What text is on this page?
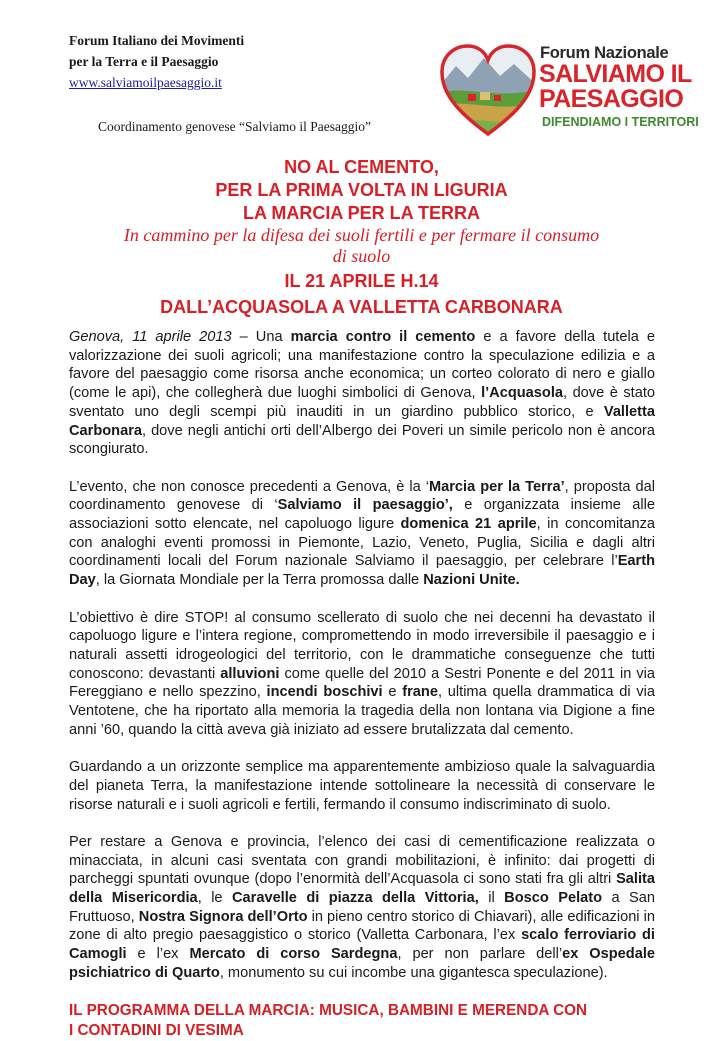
Forum Italiano dei Movimenti
per la Terra e il Paesaggio
www.salviamoilpaesaggio.it
Coordinamento genovese “Salviamo il Paesaggio”
Forum Nazionale
SALVIAMO IL
PAESAGGIO
DIFENDIAMO I TERRITORI
NO AL CEMENTO,
PER LA PRIMA VOLTA IN LIGURIA
LA MARCIA PER LA TERRA
In cammino per la difesa dei suoli fertili e per fermare il consumo
di suolo
IL 21 APRILE H.14
DALL’ACQUASOLA A VALLETTA CARBONARA

Genova, 11 aprile 2013 – Una marcia contro il cemento e a favore della tutela e valorizzazione dei suoli agricoli; una manifestazione contro la speculazione edilizia e a favore del paesaggio come risorsa anche economica; un corteo colorato di nero e giallo (come le api), che collegherà due luoghi simbolici di Genova, l’Acquasola, dove è stato sventato uno degli scempi più inauditi in un giardino pubblico storico, e Valletta Carbonara, dove negli antichi orti dell’Albergo dei Poveri un simile pericolo non è ancora scongiurato.

L’evento, che non conosce precedenti a Genova, è la ‘Marcia per la Terra’, proposta dal coordinamento genovese di ‘Salviamo il paesaggio’, e organizzata insieme alle associazioni sotto elencate, nel capoluogo ligure domenica 21 aprile, in concomitanza con analoghi eventi promossi in Piemonte, Lazio, Veneto, Puglia, Sicilia e dagli altri coordinamenti locali del Forum nazionale Salviamo il paesaggio, per celebrare l’Earth Day, la Giornata Mondiale per la Terra promossa dalle Nazioni Unite.

L’obiettivo è dire STOP! al consumo scellerato di suolo che nei decenni ha devastato il capoluogo ligure e l’intera regione, compromettendo in modo irreversibile il paesaggio e i naturali assetti idrogeologici del territorio, con le drammatiche conseguenze che tutti conoscono: devastanti alluvioni come quelle del 2010 a Sestri Ponente e del 2011 in via Fereggiano e nello spezzino, incendi boschivi e frane, ultima quella drammatica di via Ventotene, che ha riportato alla memoria la tragedia della non lontana via Digione a fine anni ’60, quando la città aveva già iniziato ad essere brutalizzata dal cemento.

Guardando a un orizzonte semplice ma apparentemente ambizioso quale la salvaguardia del pianeta Terra, la manifestazione intende sottolineare la necessità di conservare le risorse naturali e i suoli agricoli e fertili, fermando il consumo indiscriminato di suolo.

Per restare a Genova e provincia, l’elenco dei casi di cementificazione realizzata o minacciata, in alcuni casi sventata con grandi mobilitazioni, è infinito: dai progetti di parcheggi spuntati ovunque (dopo l’enormità dell’Acquasola ci sono stati fra gli altri Salita della Misericordia, le Caravelle di piazza della Vittoria, il Bosco Pelato a San Fruttuoso, Nostra Signora dell’Orto in pieno centro storico di Chiavari), alle edificazioni in zone di alto pregio paesaggistico o storico (Valletta Carbonara, l’ex scalo ferroviario di Camogli e l’ex Mercato di corso Sardegna, per non parlare dell’ex Ospedale psichiatrico di Quarto, monumento su cui incombe una gigantesca speculazione).

IL PROGRAMMA DELLA MARCIA: MUSICA, BAMBINI E MERENDA CON
I CONTADINI DI VESIMA
